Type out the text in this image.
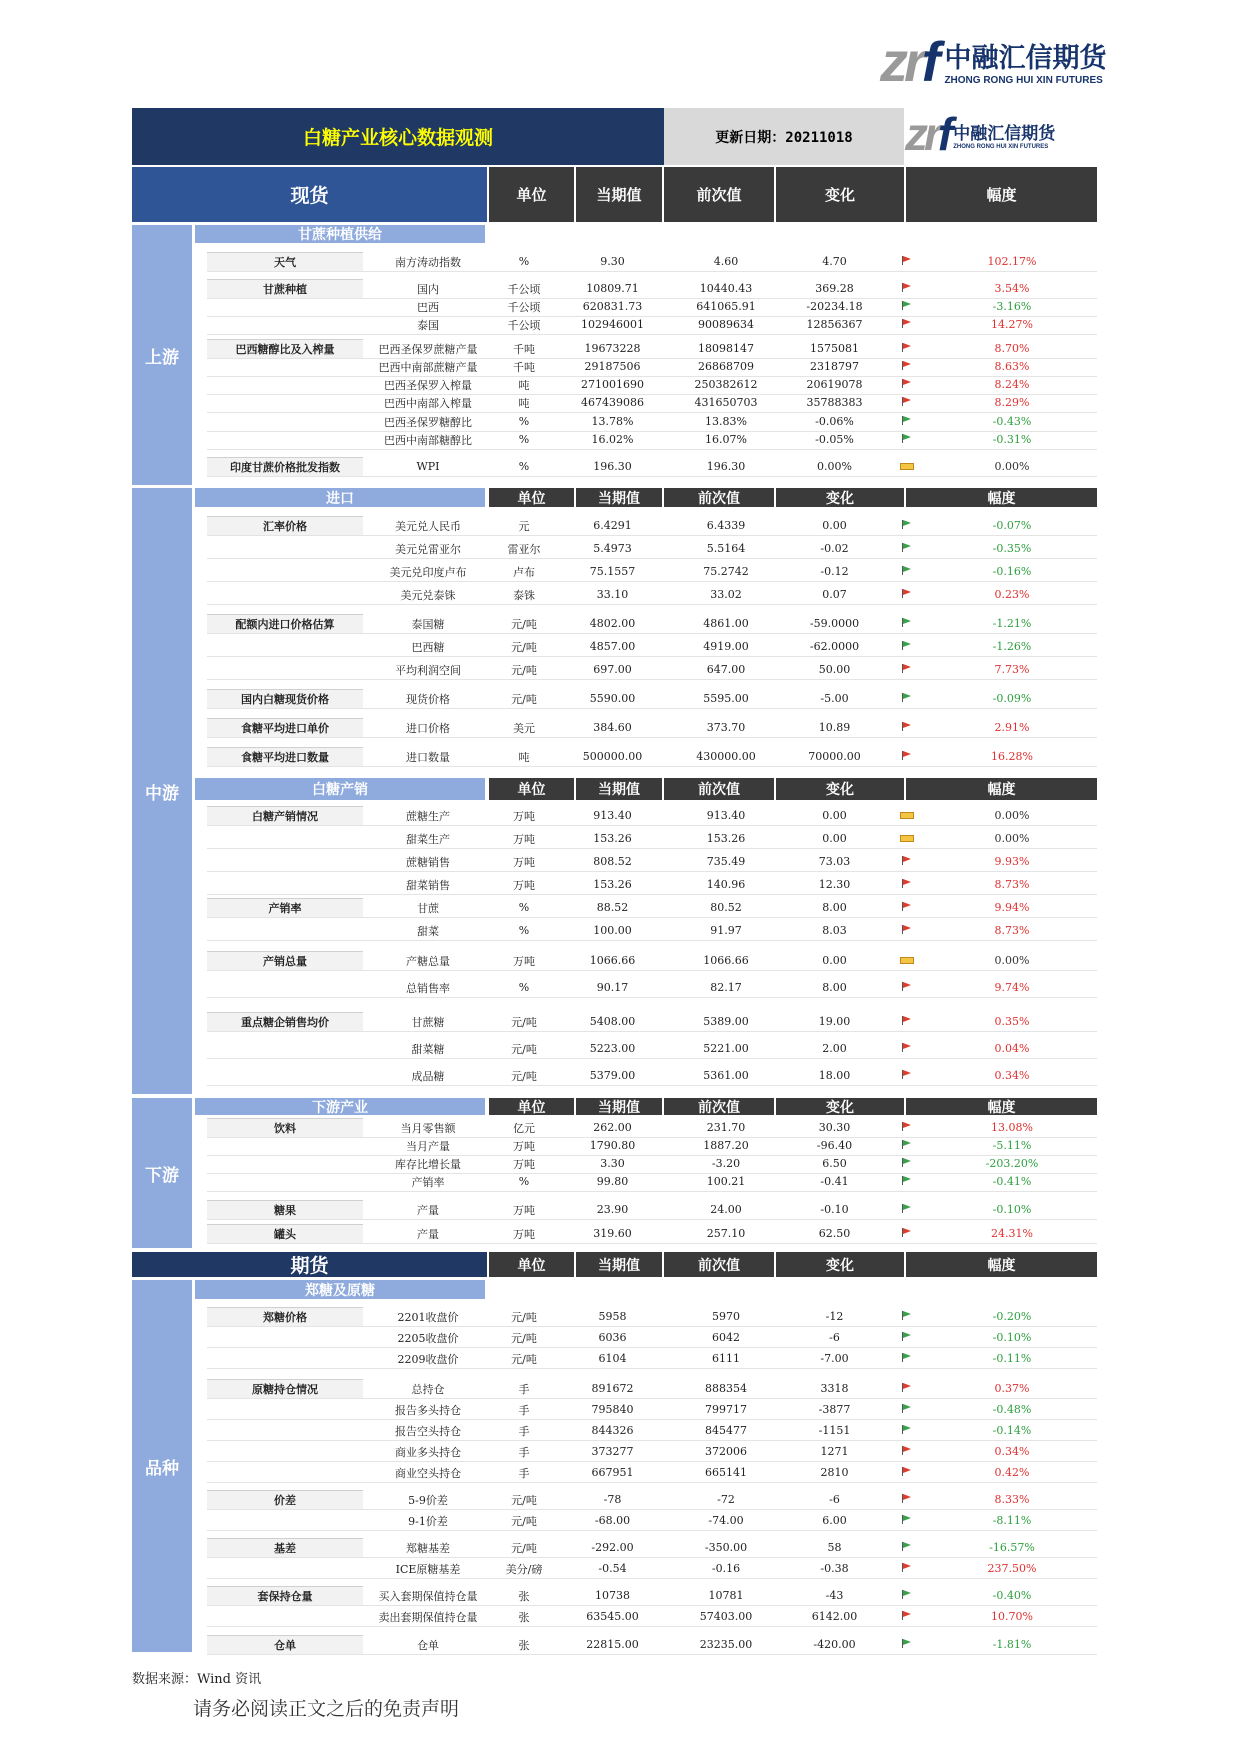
zrf 中融汇信期货
ZHONG RONG HUI XIN FUTURES
白糖产业核心数据观测	更新日期：20211018	zrf 中融汇信期货
ZHONG RONG HUI XIN FUTURES
现货	单位	当期值	前次值	变化	幅度
上游
中游
下游
品种
甘蔗种植供给
进口	单位	当期值	前次值	变化	幅度
白糖产销	单位	当期值	前次值	变化	幅度
下游产业	单位	当期值	前次值	变化	幅度
期货	单位	当期值	前次值	变化	幅度
郑糖及原糖
天气	南方涛动指数	%	9.30	4.60	4.70	102.17%
甘蔗种植	国内	千公顷	10809.71	10440.43	369.28	3.54%
巴西	千公顷	620831.73	641065.91	-20234.18	-3.16%
泰国	千公顷	102946001	90089634	12856367	14.27%
巴西糖醇比及入榨量	巴西圣保罗蔗糖产量	千吨	19673228	18098147	1575081	8.70%
巴西中南部蔗糖产量	千吨	29187506	26868709	2318797	8.63%
巴西圣保罗入榨量	吨	271001690	250382612	20619078	8.24%
巴西中南部入榨量	吨	467439086	431650703	35788383	8.29%
巴西圣保罗糖醇比	%	13.78%	13.83%	-0.06%	-0.43%
巴西中南部糖醇比	%	16.02%	16.07%	-0.05%	-0.31%
印度甘蔗价格批发指数	WPI	%	196.30	196.30	0.00%	0.00%
汇率价格	美元兑人民币	元	6.4291	6.4339	0.00	-0.07%
美元兑雷亚尔	雷亚尔	5.4973	5.5164	-0.02	-0.35%
美元兑印度卢布	卢布	75.1557	75.2742	-0.12	-0.16%
美元兑泰铢	泰铢	33.10	33.02	0.07	0.23%
配额内进口价格估算	泰国糖	元/吨	4802.00	4861.00	-59.0000	-1.21%
巴西糖	元/吨	4857.00	4919.00	-62.0000	-1.26%
平均利润空间	元/吨	697.00	647.00	50.00	7.73%
国内白糖现货价格	现货价格	元/吨	5590.00	5595.00	-5.00	-0.09%
食糖平均进口单价	进口价格	美元	384.60	373.70	10.89	2.91%
食糖平均进口数量	进口数量	吨	500000.00	430000.00	70000.00	16.28%
白糖产销情况	蔗糖生产	万吨	913.40	913.40	0.00	0.00%
甜菜生产	万吨	153.26	153.26	0.00	0.00%
蔗糖销售	万吨	808.52	735.49	73.03	9.93%
甜菜销售	万吨	153.26	140.96	12.30	8.73%
产销率	甘蔗	%	88.52	80.52	8.00	9.94%
甜菜	%	100.00	91.97	8.03	8.73%
产销总量	产糖总量	万吨	1066.66	1066.66	0.00	0.00%
总销售率	%	90.17	82.17	8.00	9.74%
重点糖企销售均价	甘蔗糖	元/吨	5408.00	5389.00	19.00	0.35%
甜菜糖	元/吨	5223.00	5221.00	2.00	0.04%
成品糖	元/吨	5379.00	5361.00	18.00	0.34%
饮料	当月零售额	亿元	262.00	231.70	30.30	13.08%
当月产量	万吨	1790.80	1887.20	-96.40	-5.11%
库存比增长量	万吨	3.30	-3.20	6.50	-203.20%
产销率	%	99.80	100.21	-0.41	-0.41%
糖果	产量	万吨	23.90	24.00	-0.10	-0.10%
罐头	产量	万吨	319.60	257.10	62.50	24.31%
郑糖价格	2201收盘价	元/吨	5958	5970	-12	-0.20%
2205收盘价	元/吨	6036	6042	-6	-0.10%
2209收盘价	元/吨	6104	6111	-7.00	-0.11%
原糖持仓情况	总持仓	手	891672	888354	3318	0.37%
报告多头持仓	手	795840	799717	-3877	-0.48%
报告空头持仓	手	844326	845477	-1151	-0.14%
商业多头持仓	手	373277	372006	1271	0.34%
商业空头持仓	手	667951	665141	2810	0.42%
价差	5-9价差	元/吨	-78	-72	-6	8.33%
9-1价差	元/吨	-68.00	-74.00	6.00	-8.11%
基差	郑糖基差	元/吨	-292.00	-350.00	58	-16.57%
ICE原糖基差	美分/磅	-0.54	-0.16	-0.38	237.50%
套保持仓量	买入套期保值持仓量	张	10738	10781	-43	-0.40%
卖出套期保值持仓量	张	63545.00	57403.00	6142.00	10.70%
仓单	仓单	张	22815.00	23235.00	-420.00	-1.81%
数据来源：Wind 资讯
请务必阅读正文之后的免责声明
